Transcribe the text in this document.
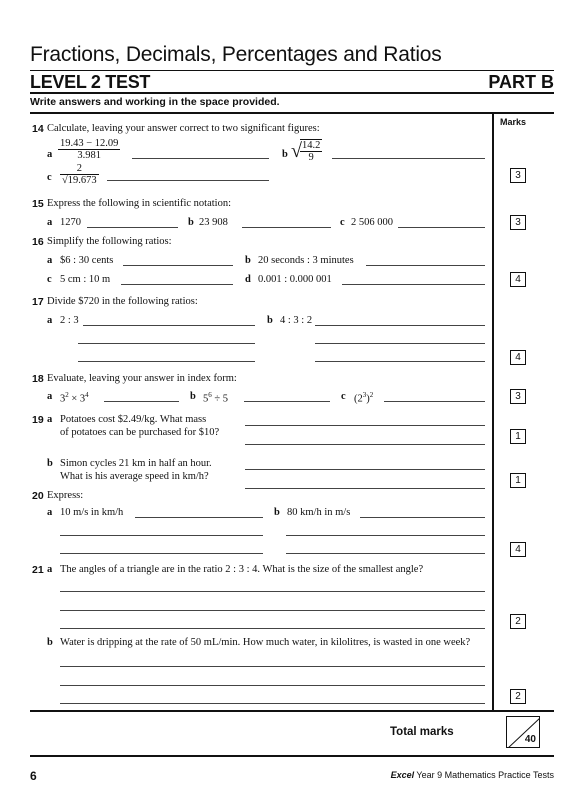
Fractions, Decimals, Percentages and Ratios
LEVEL 2 TEST	PART B
Write answers and working in the space provided.
Marks
14 Calculate, leaving your answer correct to two significant figures:
a $\frac{19.43 - 12.09}{3.981}$	b √
$\frac{14.2}{9}$
c $\frac{2}{√19.673}$	3
15 Express the following in scientific notation:
a 1270	b 23 908	c 2 506 000	3
16 Simplify the following ratios:
a $6 : 30 cents	b 20 seconds : 3 minutes
c 5 cm : 10 m	d 0.001 : 0.000 001	4
17 Divide $720 in the following ratios:
a 2 : 3	b 4 : 3 : 2
4
18 Evaluate, leaving your answer in index form:
a $3^2 \times 3^4$	b $5^6 \div 5$	c $(2^3)^2$	3
19 a Potatoes cost $2.49/kg. What mass
of potatoes can be purchased for $10?	1
b Simon cycles 21 km in half an hour.
What is his average speed in km/h?	1
20 Express:
a 10 m/s in km/h	b 80 km/h in m/s
4
21 a The angles of a triangle are in the ratio 2 : 3 : 4. What is the size of the smallest angle?
2
b Water is dripping at the rate of 50 mL/min. How much water, in kilolitres, is wasted in one week?
2
Total marks
40
6	Excel Year 9 Mathematics Practice Tests
